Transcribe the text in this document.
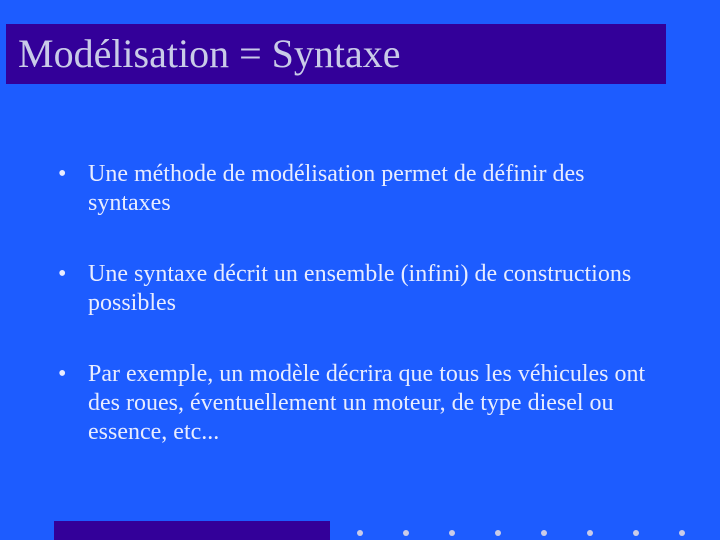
Modélisation = Syntaxe
• Une méthode de modélisation permet de définir des syntaxes
• Une syntaxe décrit un ensemble (infini) de constructions possibles
• Par exemple, un modèle décrira que tous les véhicules ont des roues, éventuellement un moteur, de type diesel ou essence, etc...
